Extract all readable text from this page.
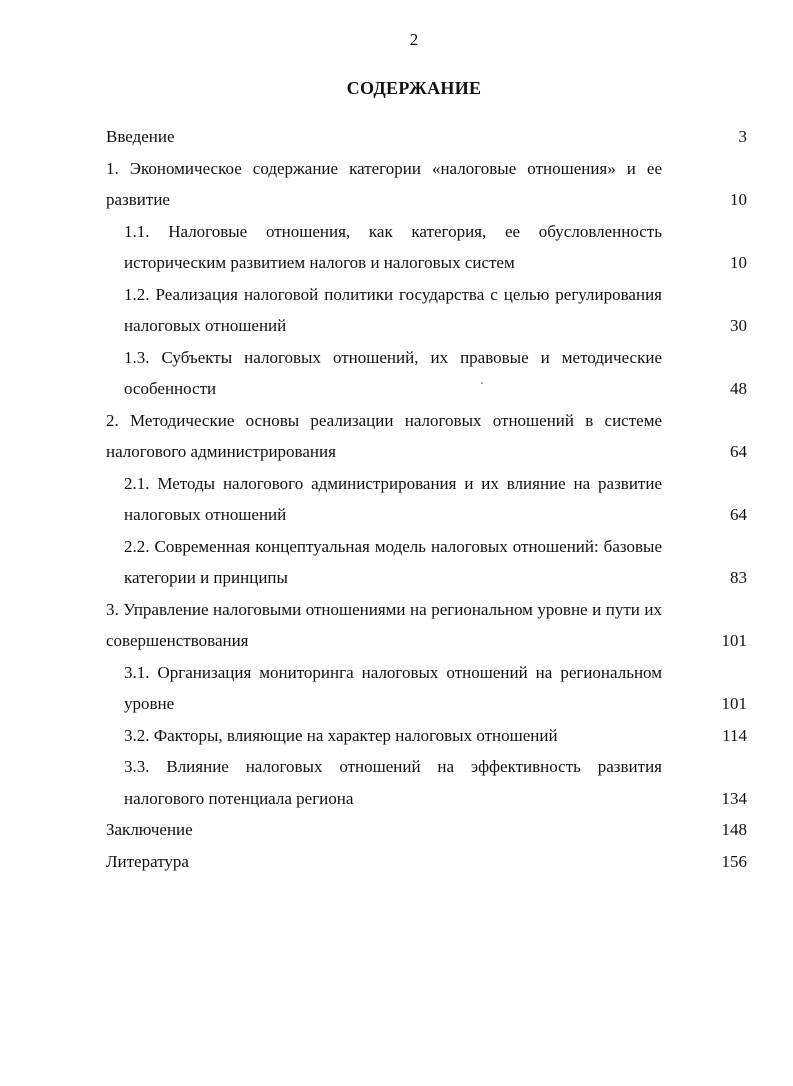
2
СОДЕРЖАНИЕ
Введение	3
1. Экономическое содержание категории «налоговые отношения» и ее развитие	10
1.1. Налоговые отношения, как категория, ее обусловленность историческим развитием налогов и налоговых систем	10
1.2. Реализация налоговой политики государства с целью регулирования налоговых отношений	30
1.3. Субъекты налоговых отношений, их правовые и методические особенности	48
2. Методические основы реализации налоговых отношений в системе налогового администрирования	64
2.1. Методы налогового администрирования и их влияние на развитие налоговых отношений	64
2.2. Современная концептуальная модель налоговых отношений: базовые категории и принципы	83
3. Управление налоговыми отношениями на региональном уровне и пути их совершенствования	101
3.1. Организация мониторинга налоговых отношений на региональном уровне	101
3.2. Факторы, влияющие на характер налоговых отношений	114
3.3. Влияние налоговых отношений на эффективность развития налогового потенциала региона	134
Заключение	148
Литература	156
